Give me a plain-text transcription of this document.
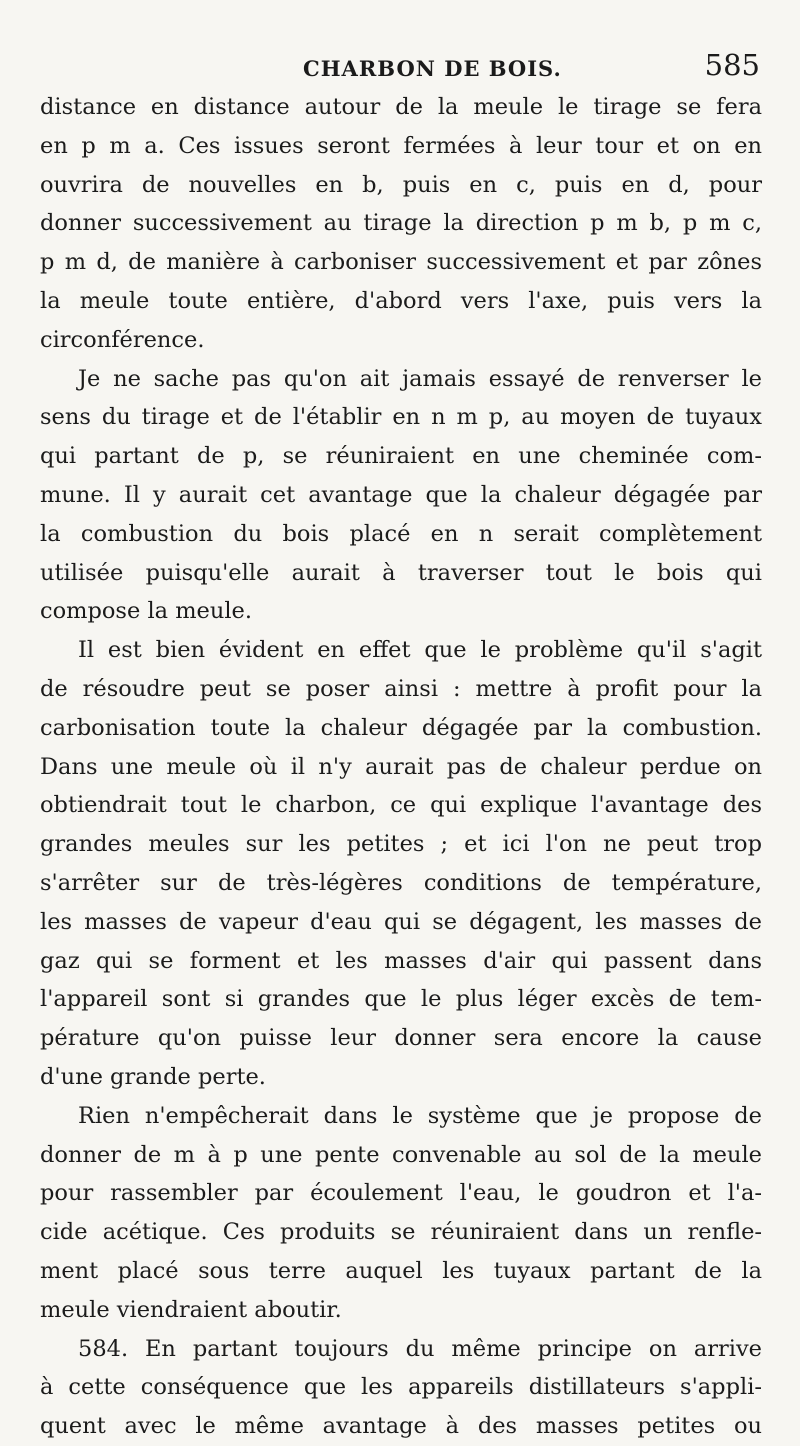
CHARBON DE BOIS.	585
distance en distance autour de la meule le tirage se fera
en p m a. Ces issues seront fermées à leur tour et on en
ouvrira de nouvelles en b, puis en c, puis en d, pour
donner successivement au tirage la direction p m b, p m c,
p m d, de manière à carboniser successivement et par zônes
la meule toute entière, d'abord vers l'axe, puis vers la
circonférence.
Je ne sache pas qu'on ait jamais essayé de renverser le
sens du tirage et de l'établir en n m p, au moyen de tuyaux
qui partant de p, se réuniraient en une cheminée com-
mune. Il y aurait cet avantage que la chaleur dégagée par
la combustion du bois placé en n serait complètement
utilisée puisqu'elle aurait à traverser tout le bois qui
compose la meule.
Il est bien évident en effet que le problème qu'il s'agit
de résoudre peut se poser ainsi : mettre à profit pour la
carbonisation toute la chaleur dégagée par la combustion.
Dans une meule où il n'y aurait pas de chaleur perdue on
obtiendrait tout le charbon, ce qui explique l'avantage des
grandes meules sur les petites ; et ici l'on ne peut trop
s'arrêter sur de très-légères conditions de température,
les masses de vapeur d'eau qui se dégagent, les masses de
gaz qui se forment et les masses d'air qui passent dans
l'appareil sont si grandes que le plus léger excès de tem-
pérature qu'on puisse leur donner sera encore la cause
d'une grande perte.
Rien n'empêcherait dans le système que je propose de
donner de m à p une pente convenable au sol de la meule
pour rassembler par écoulement l'eau, le goudron et l'a-
cide acétique. Ces produits se réuniraient dans un renfle-
ment placé sous terre auquel les tuyaux partant de la
meule viendraient aboutir.
584. En partant toujours du même principe on arrive
à cette conséquence que les appareils distillateurs s'appli-
quent avec le même avantage à des masses petites ou
